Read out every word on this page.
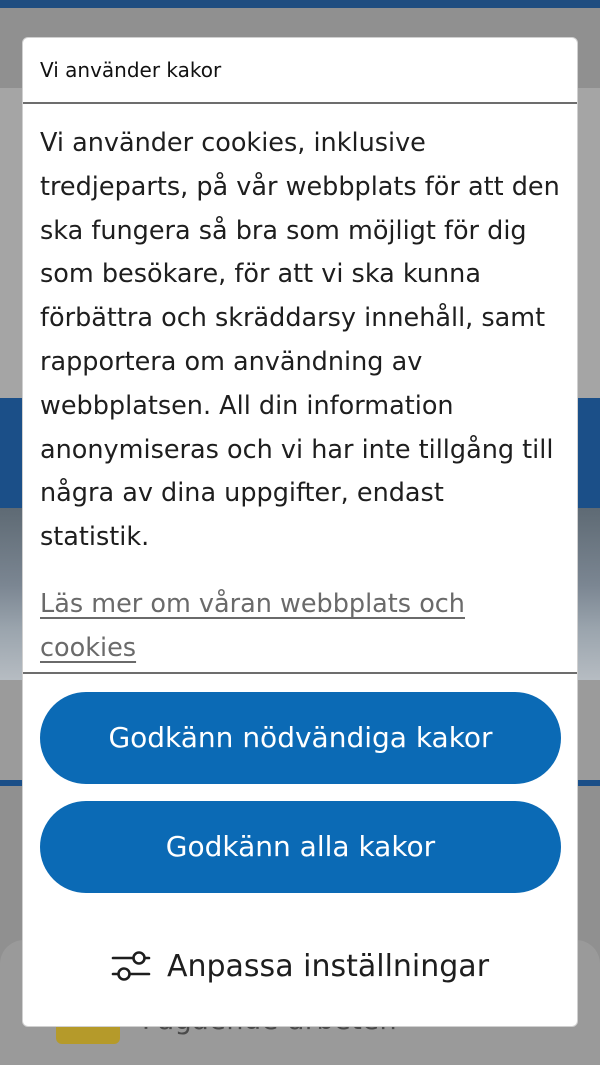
Vi använder kakor

Vi använder cookies, inklusive tredjeparts, på vår webbplats för att den ska fungera så bra som möjligt för dig som besökare, för att vi ska kunna förbättra och skräddarsy innehåll, samt rapportera om användning av webbplatsen. All din information anonymiseras och vi har inte tillgång till några av dina uppgifter, endast statistik.

Läs mer om våran webbplats och cookies
Godkänn nödvändiga kakor
Godkänn alla kakor
Anpassa inställningar
